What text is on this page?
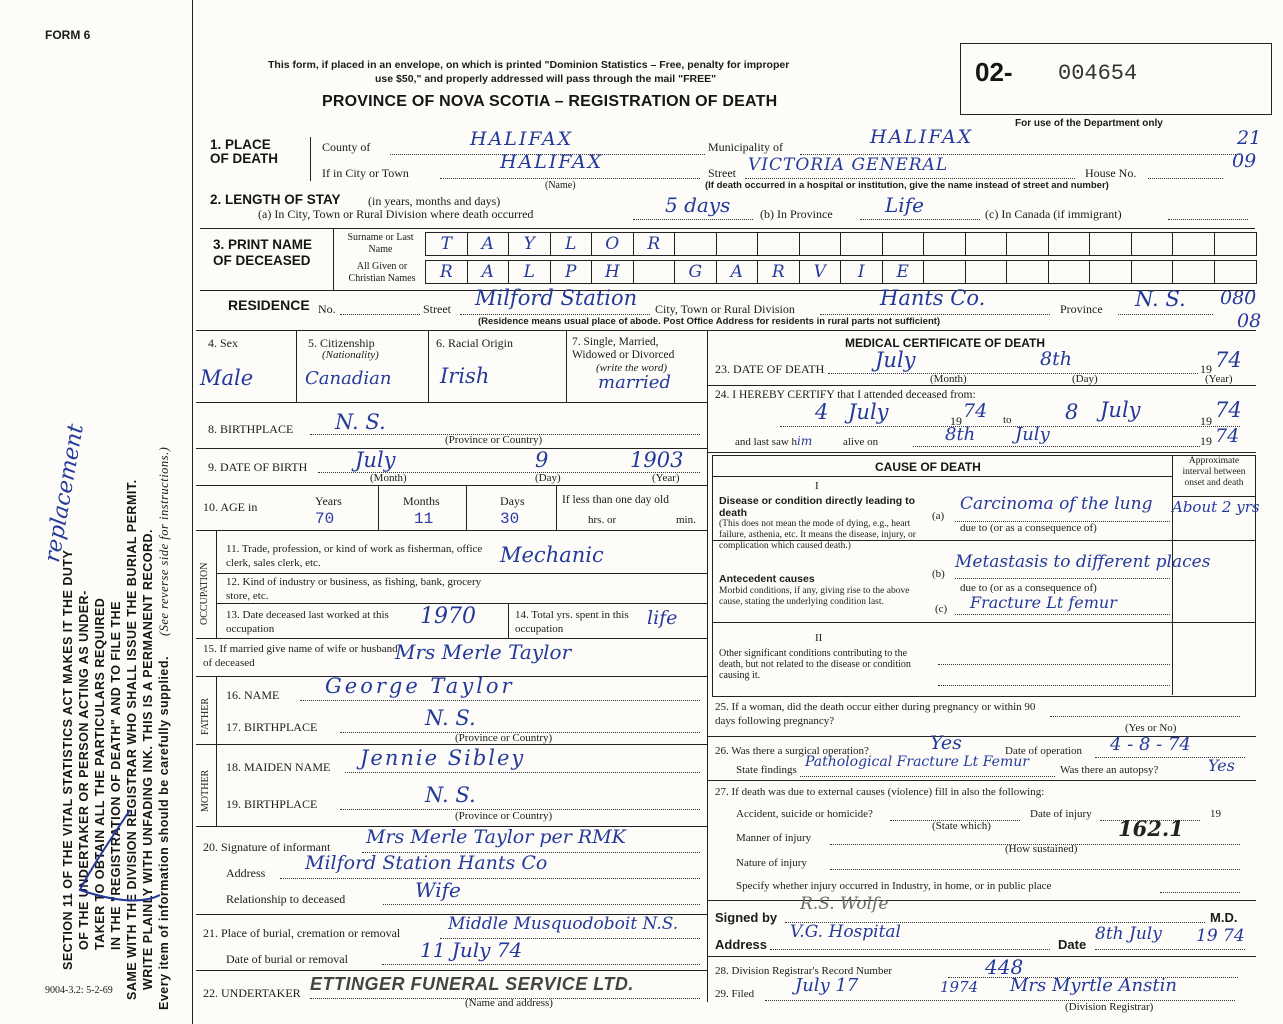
FORM 6
SECTION 11 OF THE VITAL STATISTICS ACT MAKES IT THE DUTY OF THE UNDERTAKER OR PERSON ACTING AS UNDER- TAKER TO OBTAIN ALL THE PARTICULARS REQUIRED IN THE "REGISTRATION OF DEATH" AND TO FILE THE SAME WITH THE DIVISION REGISTRAR WHO SHALL ISSUE THE BURIAL PERMIT. WRITE PLAINLY WITH UNFADING INK. THIS IS A PERMANENT RECORD. Every item of information should be carefully supplied.
(See reverse side for instructions.)
replacement
9004-3.2: 5-2-69
This form, if placed in an envelope, on which is printed "Dominion Statistics – Free, penalty for improper
use $50," and properly addressed will pass through the mail "FREE"
PROVINCE OF NOVA SCOTIA – REGISTRATION OF DEATH
02- 004654
For use of the Department only
21
09
080
08
1. PLACE OF DEATH
County of	HALIFAX	Municipality of	HALIFAX
If in City or Town	HALIFAX
(Name)
Street VICTORIA GENERAL	House No.
(If death occurred in a hospital or institution, give the name instead of street and number)
2. LENGTH OF STAY (in years, months and days)
(a) In City, Town or Rural Division where death occurred	5 days (b) In Province	Life	(c) In Canada (if immigrant)
3. PRINT NAME OF DECEASED
Surname or Last Name
All Given or Christian Names
T	A	Y	L	O	R
R	A	L	P	H	G	A	R	V	I	E
RESIDENCE No.	Street Milford Station City, Town or Rural Division	Hants Co.	Province N. S.
(Residence means usual place of abode. Post Office Address for residents in rural parts not sufficient)
4. Sex
Male
5. Citizenship
(Nationality)
Canadian
6. Racial Origin
Irish
7. Single, Married, Widowed or Divorced
(write the word)
married
8. BIRTHPLACE N. S.
(Province or Country)
9. DATE OF BIRTH July	9	1903
(Month)	(Day)	(Year)
10. AGE in	Years	Months	Days	If less than one day old
70	11	30	hrs. or	min.
OCCUPATION
11. Trade, profession, or kind of work as fisherman, office clerk, sales clerk, etc.	Mechanic
12. Kind of industry or business, as fishing, bank, grocery store, etc.
13. Date deceased last worked at this occupation	1970	14. Total yrs. spent in this occupation	life
15. If married give name of wife or husband of deceased	Mrs Merle Taylor
FATHER
16. NAME George Taylor
17. BIRTHPLACE	N. S.
(Province or Country)
MOTHER
18. MAIDEN NAME Jennie Sibley
19. BIRTHPLACE	N. S.
(Province or Country)
20. Signature of informant Mrs Merle Taylor per RMK
Address Milford Station Hants Co
Relationship to deceased	Wife
21. Place of burial, cremation or removal	Middle Musquodoboit N.S.
Date of burial or removal	11 July 74
22. UNDERTAKER ETTINGER FUNERAL SERVICE LTD.
(Name and address)
MEDICAL CERTIFICATE OF DEATH
23. DATE OF DEATH July	8th	19 74
(Month)	(Day)	(Year)
24. I HEREBY CERTIFY that I attended deceased from:
4 July	19 74 to	8 July	19 74
and last saw him	alive on	8th July	19 74
CAUSE OF DEATH	Approximate interval between onset and death
I
Disease or condition directly leading to death
(This does not mean the mode of dying, e.g., heart failure, asthenia, etc. It means the disease, injury, or complication which caused death.)
(a)
Carcinoma of the lung About 2 yrs
due to (or as a consequence of)
Antecedent causes
Morbid conditions, if any, giving rise to the above cause, stating the underlying condition last.
(b)
Metastasis to different places
due to (or as a consequence of)
(c) Fracture Lt femur
II
Other significant conditions contributing to the death, but not related to the disease or condition causing it.
25. If a woman, did the death occur either during pregnancy or within 90 days following pregnancy?
(Yes or No)
26. Was there a surgical operation?	Yes	Date of operation 4 - 8 - 74
State findings Pathological Fracture Lt Femur	Was there an autopsy?	Yes
27. If death was due to external causes (violence) fill in also the following:
Accident, suicide or homicide?
(State which)
Date of injury	19
Manner of injury	162.1
(How sustained)
Nature of injury
Specify whether injury occurred in Industry, in home, or in public place
Signed by
R.S. Wolfe
M.D.
Address
V.G. Hospital
Date
8th July 19 74
28. Division Registrar's Record Number	448
29. Filed July 17	1974 Mrs Myrtle Anstin
(Division Registrar)
